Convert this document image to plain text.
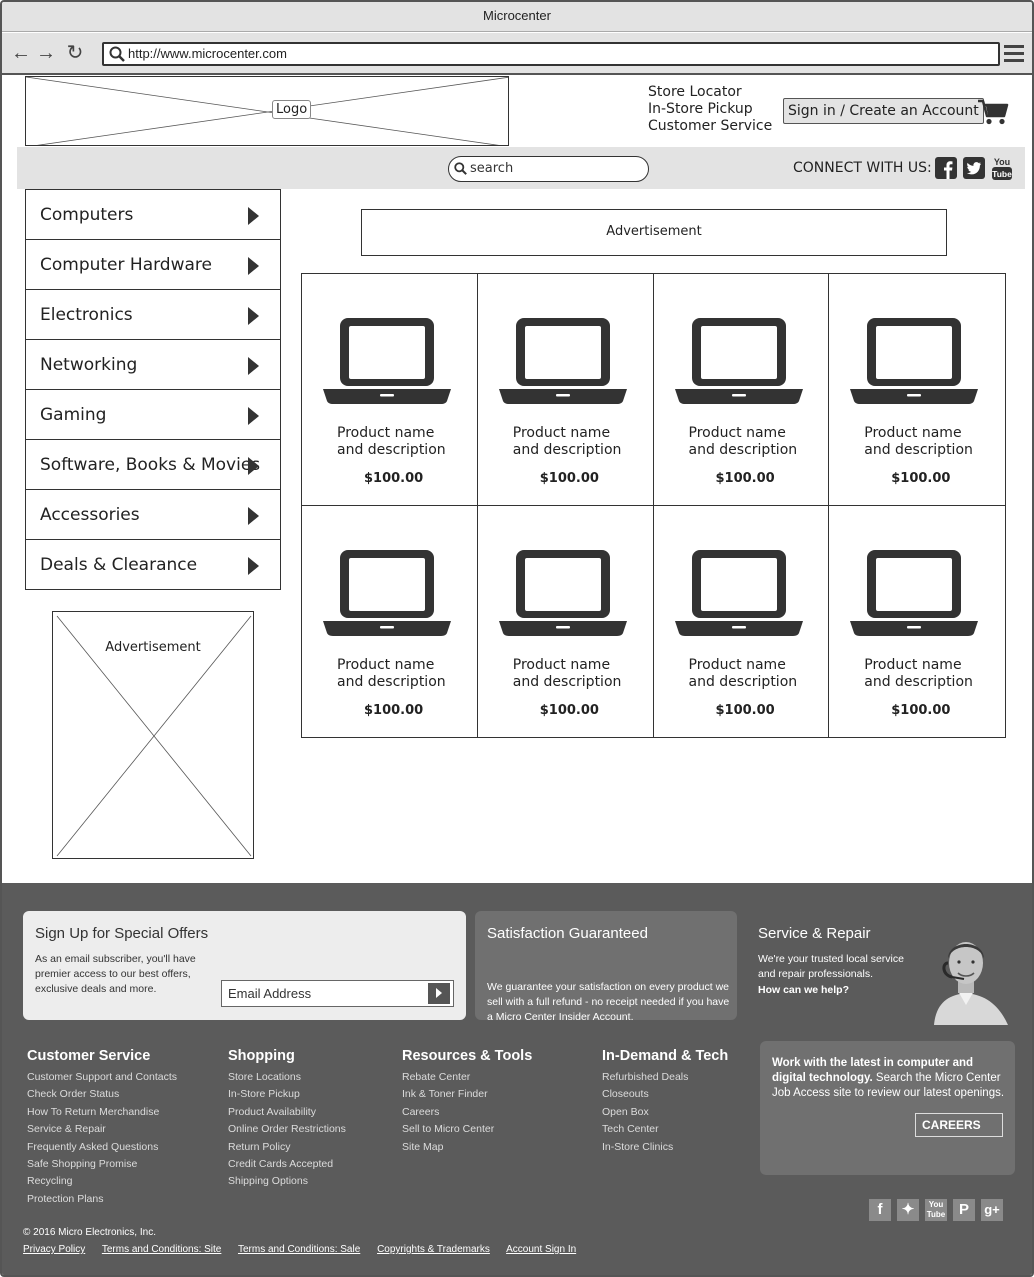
Microcenter
← → ↻	http://www.microcenter.com
Logo
Store Locator
In-Store Pickup
Customer Service
Sign in / Create an Account
search	CONNECT WITH US:	You
Tube
Computers
Computer Hardware
Electronics
Networking
Gaming
Software, Books & Movies
Accessories
Deals & Clearance
Advertisement
Advertisement
Product name
and description
$100.00
Product name
and description
$100.00
Product name
and description
$100.00
Product name
and description
$100.00
Product name
and description
$100.00
Product name
and description
$100.00
Product name
and description
$100.00
Product name
and description
$100.00
Sign Up for Special Offers

As an email subscriber, you'll have premier access to our best offers, exclusive deals and more.	Email Address
Satisfaction Guaranteed

We guarantee your satisfaction on every product we sell with a full refund - no receipt needed if you have a Micro Center Insider Account.

Service & Repair

We're your trusted local service and repair professionals.

How can we help?
Customer Service
Customer Support and Contacts
Check Order Status
How To Return Merchandise
Service & Repair
Frequently Asked Questions
Safe Shopping Promise
Recycling
Protection Plans
Shopping
Store Locations
In-Store Pickup
Product Availability
Online Order Restrictions
Return Policy
Credit Cards Accepted
Shipping Options
Resources & Tools
Rebate Center
Ink & Toner Finder
Careers
Sell to Micro Center
Site Map
In-Demand & Tech
Refurbished Deals
Closeouts
Open Box
Tech Center
In-Store Clinics

Work with the latest in computer and digital technology. Search the Micro Center Job Access site to review our latest openings.

CAREERS
f	✦	You
Tube P	g+
© 2016 Micro Electronics, Inc.
Privacy Policy Terms and Conditions: Site Terms and Conditions: Sale Copyrights & Trademarks Account Sign In
